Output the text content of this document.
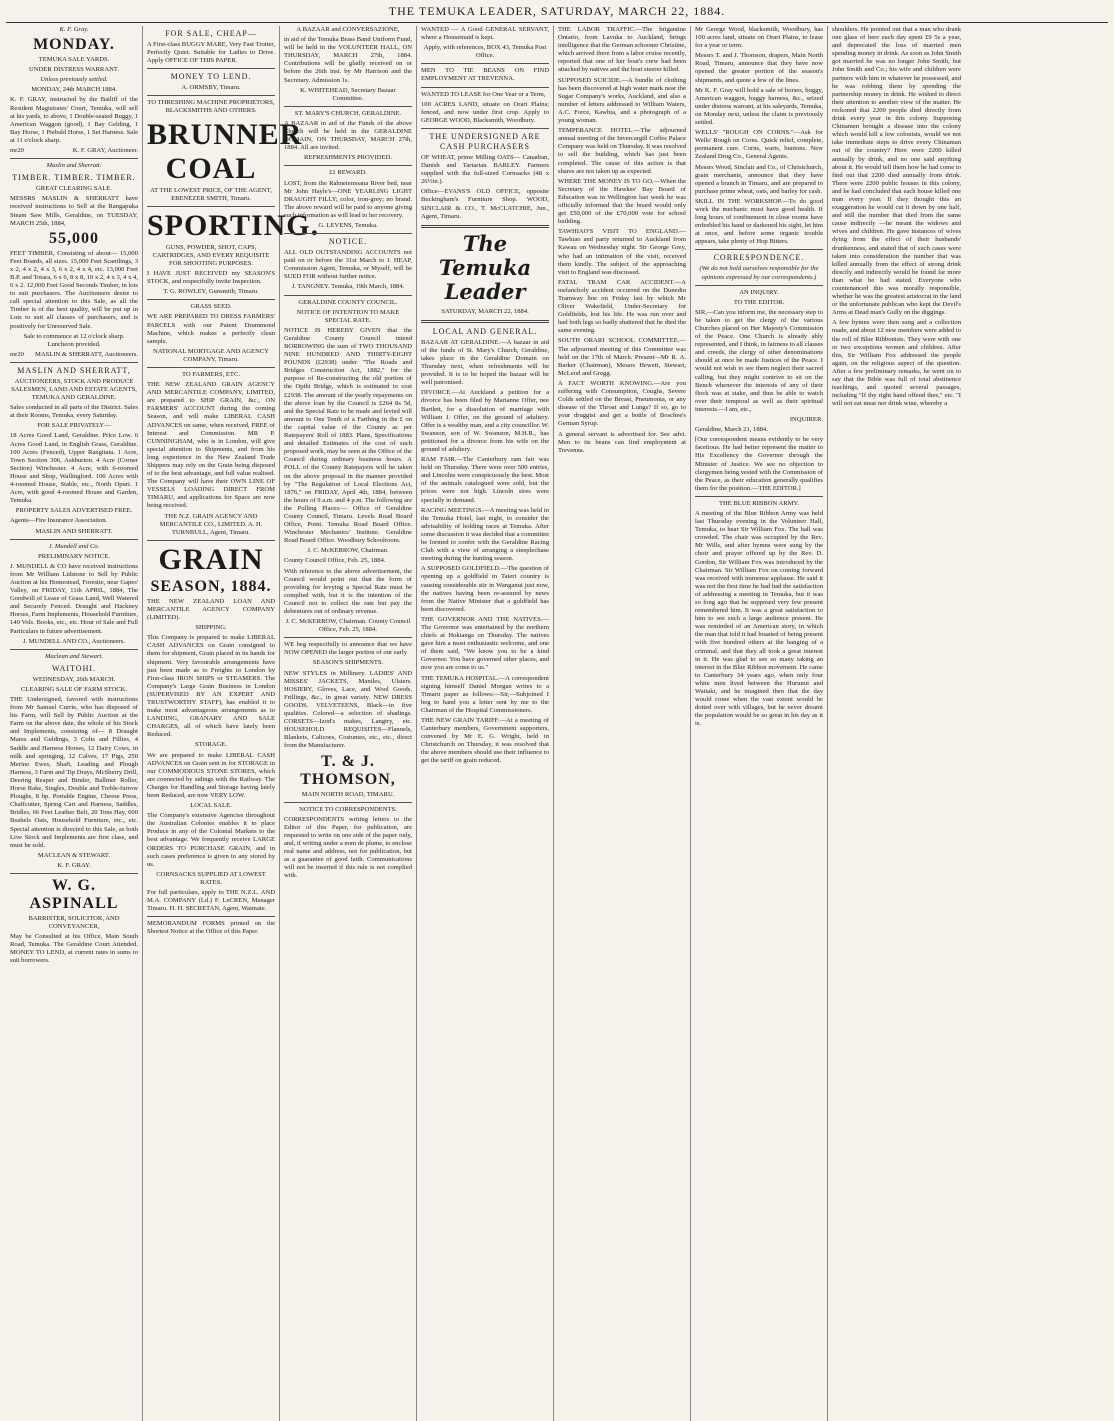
THE TEMUKA LEADER, SATURDAY, MARCH 22, 1884.

K. F. Gray.

MONDAY.

TEMUKA SALE YARDS.

UNDER DISTRESS WARRANT.

Unless previously settled.

MONDAY, 24th MARCH 1884.

K. F. GRAY, instructed by the Bailiff of the Resident Magistrates' Court, Temuka, will sell at his yards, to above, 1 Double-seated Buggy, 1 American Waggon (good), 1 Bay Gelding, 1 Bay Horse, 1 Piebald Horse, 1 Set Harness. Sale at 11 o'clock sharp.

mr20	K. F. GRAY, Auctioneer.

Maslin and Sherratt.

TIMBER. TIMBER. TIMBER.

GREAT CLEARING SALE.

MESSRS MASLIN & SHERRATT have received instructions to Sell at the Rangapuka Steam Saw Mills, Geraldine, on TUESDAY, MARCH 25th, 1884,

55,000

FEET TIMBER, Consisting of about— 15,000 Feet Boards, all sizes. 15,000 Feet Scantlings, 3 x 2, 4 x 2, 4 x 3, 6 x 2, 4 x 4, etc. 13,000 Feet B.P. and Totara, 6 x 6, 8 x 8, 10 x 2, 4 x 3, 4 x 4, 6 x 2. 12,000 Feet Good Seconds Timber, in lots to suit purchasers. The Auctioneers desire to call special attention to this Sale, as all the Timber is of the best quality, will be put up in Lots to suit all classes of purchasers, and is positively for Unreserved Sale.

Sale to commence at 12 o'clock sharp. Luncheon provided.

mr20 MASLIN & SHERRATT, Auctioneers.

MASLIN AND SHERRATT,

AUCTIONEERS, STOCK AND PRODUCE SALESMEN, LAND AND ESTATE AGENTS, TEMUKA AND GERALDINE.

Sales conducted in all parts of the District. Sales at their Rooms, Temuka, every Saturday.

FOR SALE PRIVATELY—

18 Acres Good Land, Geraldine. Price Low. 6 Acres Good Land, in English Grass, Geraldine. 100 Acres (Fenced), Upper Rangitata. 1 Acre, Town Section 306, Ashburton. 4 Acre (Corner Section) Winchester. 4 Acre, with 6-roomed House and Shop, Wallingford. 100 Acres with 4-roomed House, Stable, etc., North Opuri. 1 Acre, with good 4-roomed House and Garden, Temuka.

PROPERTY SALES ADVERTISED FREE.

Agents—Fire Insurance Association.

MASLIN AND SHERRATT.

J. Mundell and Co.

PRELIMINARY NOTICE.

J. MUNDELL & CO have received instructions from Mr William Lidstone to Sell by Public Auction at his Homestead, Forestie, near Gapes' Valley, on FRIDAY, 11th APRIL, 1884, The Goodwill of Lease of Grass Land, Well Watered and Securely Fenced. Draught and Hackney Horses, Farm Implements, Household Furniture, 140 Vols. Books, etc., etc. Hour of Sale and Full Particulars in future advertisement.

J. MUNDELL AND CO., Auctioneers.

Maclean and Stewart.

WAITOHI.

WEDNESDAY, 26th MARCH.

CLEARING SALE OF FARM STOCK.

THE Undersigned, favored with instructions from Mr Samuel Currie, who has disposed of his Farm, will Sell by Public Auction at the Farm on the above date, the whole of his Stock and Implements, consisting of— 8 Draught Mares and Geldings, 3 Colts and Fillies, 4 Saddle and Harness Horses, 12 Dairy Cows, in milk and springing, 12 Calves, 17 Pigs, 250 Merino Ewes, Shaft, Leading and Plough Harness, 3 Farm and Tip Drays, McSherry Drill, Deering Reaper and Binder, Ballmer Roller, Horse Rake, Singles, Double and Treble-furrow Ploughs, 8 hp. Portable Engine, Cheese Press, Chaffcutter, Spring Cart and Harness, Saddles, Bridles, 66 Feet Leather Belt, 20 Tons Hay, 600 Bushels Oats, Household Furniture, etc., etc. Special attention is directed to this Sale, as both Live Stock and Implements are first class, and must be sold.

MACLEAN & STEWART.

K. F. GRAY.

W. G. ASPINALL

BARRISTER, SOLICITOR, AND CONVEYANCER,

May be Consulted at his Office, Main South Road, Temuka. The Geraldine Court Attended. MONEY TO LEND, at current rates in sums to suit borrowers.

FOR SALE, CHEAP—

A First-class BUGGY MARE, Very Fast Trotter, Perfectly Quiet. Suitable for Ladies to Drive. Apply OFFICE OF THIS PAPER.

MONEY TO LEND.

A. ORMSBY, Timaru.

TO THRESHING MACHINE PROPRIETORS, BLACKSMITHS AND OTHERS.

BRUNNER
COAL

AT THE LOWEST PRICE, OF THE AGENT, EBENEZER SMITH, Timaru.

SPORTING.

GUNS, POWDER, SHOT, CAPS, CARTRIDGES, AND EVERY REQUISITE FOR SHOOTING PURPOSES.

I HAVE JUST RECEIVED my SEASON'S STOCK, and respectfully invite Inspection.

T. G. ROWLEY, Gunsmith, Timaru.

GRASS SEED.

WE ARE PREPARED TO DRESS FARMERS' PARCELS with our Patent Drummond Machine, which makes a perfectly clean sample.

NATIONAL MORTGAGE AND AGENCY COMPANY, Timaru.

TO FARMERS, ETC.

THE NEW ZEALAND GRAIN AGENCY AND MERCANTILE COMPANY, LIMITED, are prepared to SHIP GRAIN, &c., ON FARMERS' ACCOUNT during the coming Season, and will make LIBERAL CASH ADVANCES on same, when received, FREE of Interest and Commission. MR P. CUNNINGHAM, who is in London, will give special attention to Shipments, and from his long experience in the New Zealand Trade Shippers may rely on the Grain being disposed of to the best advantage, and full value realised. The Company will have their OWN LINE OF VESSELS LOADING DIRECT FROM TIMARU, and applications for Space are now being received.

THE N.Z. GRAIN AGENCY AND MERCANTILE CO., LIMITED. A. H. TURNBULL, Agent, Timaru.

GRAIN
SEASON, 1884.

THE NEW ZEALAND LOAN AND MERCANTILE AGENCY COMPANY (LIMITED).

SHIPPING.

This Company is prepared to make LIBERAL CASH ADVANCES on Grain consigned to them for shipment, Grain placed in its hands for shipment. Very favourable arrangements have just been made as to Freights to London by First-class IRON SHIPS or STEAMERS. The Company's Large Grain Business in London (SUPERVISED BY AN EXPERT AND TRUSTWORTHY STAFF), has enabled it to make most advantageous arrangements as to LANDING, GRANARY AND SALE CHARGES, all of which have lately been Reduced.

STORAGE.

We are prepared to make LIBERAL CASH ADVANCES on Grain sent in for STORAGE in our COMMODIOUS STONE STORES, which are connected by sidings with the Railway. The Charges for Handling and Storage having lately been Reduced, are now VERY LOW.

LOCAL SALE.

The Company's extensive Agencies throughout the Australian Colonies enables it to place Produce in any of the Colonial Markets to the best advantage. We frequently receive LARGE ORDERS TO PURCHASE GRAIN, and in such cases preference is given to any stored by us.

CORNSACKS SUPPLIED AT LOWEST RATES.

For full particulars, apply to THE N.Z.L. AND M.A. COMPANY (Ld.) F. LeCREN, Manager Timaru. H. H. SECRETAN, Agent, Waimate.

MEMORANDUM FORMS printed on the Shortest Notice at the Office of this Paper.

A BAZAAR and CONVERSAZIONE,

in aid of the Temuka Brass Band Uniform Fund, will be held in the VOLUNTEER HALL, ON THURSDAY, MARCH 27th, 1884. Contributions will be gladly received on or before the 26th inst. by Mr Harrison and the Secretary. Admission 1s.

K. WHITEHEAD, Secretary Bazaar Committee.

ST. MARY'S CHURCH, GERALDINE.

A BAZAAR in aid of the Funds of the above Church will be held in the GERALDINE DOMAIN, ON THURSDAY, MARCH 27th, 1884. All are invited.

REFRESHMENTS PROVIDED.

£1 REWARD.

LOST, from the Rahnetemoana River bed, near Mr John Hayle's—ONE YEARLING LIGHT DRAUGHT FILLY; color, iron-grey; no brand. The above reward will be paid to anyone giving such information as will lead to her recovery.

G. LEVENS, Temuka.

NOTICE.

ALL OLD OUTSTANDING ACCOUNTS not paid on or before the 31st March to J. HEAP, Commission Agent, Temuka, or Myself, will be SUED FOR without further notice.

J. TANGNEY. Temuka, 19th March, 1884.

GERALDINE COUNTY COUNCIL.

NOTICE OF INTENTION TO MAKE SPECIAL RATE.

NOTICE IS HEREBY GIVEN that the Geraldine County Council intend BORROWING the sum of TWO THOUSAND NINE HUNDRED AND THIRTY-EIGHT POUNDS (£2938) under "The Roads and Bridges Construction Act, 1882," for the purpose of Re-constructing the old portion of the Opihi Bridge, which is estimated to cost £2938. The amount of the yearly repayments on the above loan by the Council is £264 8s 5d, and the Special Rate to be made and levied will amount to One Tenth of a Farthing in the £ on the capital value of the County as per Ratepayers' Roll of 1883. Plans, Specifications and detailed Estimates of the cost of such proposed work, may be seen at the Office of the Council during ordinary business hours. A POLL of the County Ratepayers will be taken on the above proposal in the manner provided by "The Regulation of Local Elections Act, 1876," on FRIDAY, April 4th, 1884, between the hours of 9 a.m. and 4 p.m. The following are the Polling Places:— Office of Geraldine County Council, Timaru. Levels Road Board Office, Point. Temuka Road Board Office. Winchester Mechanics' Institute. Geraldine Road Board Office. Woodbury Schoolroom.

J. C. McKERROW, Chairman.

County Council Office, Feb. 25, 1884.

With reference to the above advertisement, the Council would point out that the form of providing for levying a Special Rate must be complied with, but it is the intention of the Council not to collect the rate but pay the debentures out of ordinary revenue.

J. C. McKERROW, Chairman. County Council Office, Feb. 25, 1884.

WE beg respectfully to announce that we have NOW OPENED the larger portion of our early

SEASON'S SHIPMENTS.

NEW STYLES in Millinery. LADIES' AND MISSES' JACKETS, Mantles, Ulsters. HOSIERY, Gloves, Lace, and Wool Goods, Frillings, &c., in great variety. NEW DRESS GOODS. VELVETEENS, Black—in five qualities. Colored—a selection of shadings. CORSETS—Izod's makes, Langtry, etc. HOUSEHOLD REQUISITES—Flannels, Blankets, Calicoes, Costumes, etc., etc., direct from the Manufacturer.

T. & J. THOMSON,

MAIN NORTH ROAD, TIMARU.

NOTICE TO CORRESPONDENTS.

CORRESPONDENTS writing letters to the Editor of this Paper, for publication, are requested to write on one side of the paper only, and, if writing under a nom de plume, to enclose real name and address, not for publication, but as a guarantee of good faith. Communications will not be inserted if this rule is not complied with.

WANTED — A Good GENERAL SERVANT, where a Housemaid is kept.

Apply, with references, BOX 43, Temuka Post Office.

MEN TO TIE BEANS ON FIND EMPLOYMENT AT TREVENNA.

WANTED TO LEASE for One Year or a Term,

100 ACRES LAND, situate on Orari Plains; fenced, and now under first crop. Apply to GEORGE WOOD, Blacksmith, Woodbury.

THE UNDERSIGNED ARE CASH PURCHASERS

OF WHEAT, prime Milling OATS— Canadian, Danish and Tartarian BARLEY. Farmers supplied with the full-sized Cornsacks (48 x 26½in.).

Office—EVANS'S OLD OFFICE, opposite Buckingham's Furniture Shop. WOOD, SINCLAIR & CO., T. McCLATCHIE, Jun., Agent, Timaru.

The Temuka Leader

SATURDAY, MARCH 22, 1884.

LOCAL AND GENERAL.

BAZAAR AT GERALDINE.—A bazaar in aid of the funds of St. Mary's Church, Geraldine, takes place in the Geraldine Domain on Thursday next, when refreshments will be provided. It is to be hoped the bazaar will be well patronised.

DIVORCE.—At Auckland a petition for a divorce has been filed by Marianne Offer, nee Bartlett, for a dissolution of marriage with William J. Offer, on the ground of adultery. Offer is a wealthy man, and a city councillor. W. Swanson, son of W. Swanson, M.H.R., has petitioned for a divorce from his wife on the ground of adultery.

RAM FAIR.—The Canterbury ram fair was held on Thursday. There were over 500 entries, and Lincolns were conspicuously the best. Most of the animals catalogued were sold, but the prices were not high. Lincoln sires were specially in demand.

RACING MEETINGS.—A meeting was held in the Temuka Hotel, last night, to consider the advisability of holding races at Temuka. After some discussion it was decided that a committee be formed to confer with the Geraldine Racing Club with a view of arranging a steeplechase meeting during the hunting season.

A SUPPOSED GOLDFIELD.—The question of opening up a goldfield in Taieri country is causing considerable stir in Wanganui just now, the natives having been re-assured by news from the Native Minister that a goldfield has been discovered.

THE GOVERNOR AND THE NATIVES.—The Governor was entertained by the northern chiefs at Hokianga on Thursday. The natives gave him a most enthusiastic welcome, and one of them said, "We know you to be a kind Governor. You have governed other places, and now you are come to us."

THE TEMUKA HOSPITAL.—A correspondent signing himself Daniel Morgan writes to a Timaru paper as follows:—Sir,—Subjoined I beg to hand you a letter sent by me to the Chairman of the Hospital Commissioners.

THE NEW GRAIN TARIFF.—At a meeting of Canterbury members, Government supporters, convened by Mr E. G. Wright, held in Christchurch on Thursday, it was resolved that the above members should use their influence to get the tariff on grain reduced.

THE LABOR TRAFFIC.—The brigantine Ontario, from Lavuka to Auckland, brings intelligence that the German schooner Christine, which arrived there from a labor cruise recently, reported that one of her boat's crew had been attacked by natives and the boat steerer killed.

SUPPOSED SUICIDE.—A bundle of clothing has been discovered at high water mark near the Sugar Company's works, Auckland, and also a number of letters addressed to William Waters, A.C. Force, Kawhia, and a photograph of a young woman.

TEMPERANCE HOTEL.—The adjourned annual meeting of the Invercargill Coffee Palace Company was held on Thursday. It was resolved to sell the building, which has just been completed. The cause of this action is that shares are not taken up as expected.

WHERE THE MONEY IS TO GO.—When the Secretary of the Hawkes' Bay Board of Education was in Wellington last week he was officially informed that the board would only get £50,000 of the £70,000 vote for school building.

TAWHIAO'S VISIT TO ENGLAND.—Tawhiao and party returned to Auckland from Kawau on Wednesday night. Sir George Grey, who had an intimation of the visit, received them kindly. The subject of the approaching visit to England was discussed.

FATAL TRAM CAR ACCIDENT.—A melancholy accident occurred on the Dunedin Tramway line on Friday last by which Mr Oliver Wakefield, Under-Secretary for Goldfields, lost his life. He was run over and had both legs so badly shattered that he died the same evening.

SOUTH ORARI SCHOOL COMMITTEE.—The adjourned meeting of this Committee was held on the 17th of March. Present—Mr R. A. Barker (Chairman), Messrs Hewett, Stewart, McLeod and Gregg.

A FACT WORTH KNOWING.—Are you suffering with Consumption, Coughs, Severe Colds settled on the Breast, Pneumonia, or any disease of the Throat and Lungs? If so, go to your druggist and get a bottle of Boschee's German Syrup.

A general servant is advertised for. See advt. Men to tie beans can find employment at Trevenna.

Mr George Wood, blacksmith, Woodbury, has 100 acres land, situate on Orari Plains, to lease for a year or term.

Messrs T. and J. Thomson, drapers, Main North Road, Timaru, announce that they have now opened the greater portion of the season's shipments, and quote a few of the lines.

Mr K. F. Gray will hold a sale of horses, buggy, American waggon, buggy harness, &c., seized under distress warrant, at his saleyards, Temuka, on Monday next, unless the claim is previously settled.

WELLS' "ROUGH ON CORNS."—Ask for Wells' Rough on Corns. Quick relief, complete, permanent cure. Corns, warts, bunions. New Zealand Drug Co., General Agents.

Messrs Wood, Sinclair and Co., of Christchurch, grain merchants, announce that they have opened a branch in Timaru, and are prepared to purchase prime wheat, oats, and barley for cash.

SKILL IN THE WORKSHOP.—To do good work the mechanic must have good health. If long hours of confinement in close rooms have enfeebled his hand or darkened his sight, let him at once, and before some organic trouble appears, take plenty of Hop Bitters.

CORRESPONDENCE.

(We do not hold ourselves responsible for the opinions expressed by our correspondents.)

AN INQUIRY.

TO THE EDITOR.

SIR,—Can you inform me, the necessary step to be taken to get the clergy of the various Churches placed on Her Majesty's Commission of the Peace. One Church is already ably represented, and I think, in fairness to all classes and creeds, the clergy of other denominations should at once be made Justices of the Peace. I would not wish to see them neglect their sacred calling, but they might contrive to sit on the Bench whenever the interests of any of their flock was at stake, and thus be able to watch over their temporal as well as their spiritual interests.—I am, etc.,

INQUIRER.

Geraldine, March 21, 1884.

[Our correspondent means evidently to be very facetious. He had better represent the matter to His Excellency the Governor through the Minister of Justice. We see no objection to clergymen being vested with the Commission of the Peace, as their education generally qualifies them for the position.—THE EDITOR.]

THE BLUE RIBBON ARMY.

A meeting of the Blue Ribbon Army was held last Thursday evening in the Volunteer Hall, Temuka, to hear Sir William Fox. The hall was crowded. The chair was occupied by the Rev. Mr Wills, and after hymns were sung by the choir and prayer offered up by the Rev. D. Gordon, Sir William Fox was introduced by the Chairman. Sir William Fox on coming forward was received with immense applause. He said it was not the first time he had had the satisfaction of addressing a meeting in Temuka, but it was so long ago that he supposed very few present remembered him. It was a great satisfaction to him to see such a large audience present. He was reminded of an American story, in which the man that told it had boasted of being present with five hundred others at the hanging of a criminal, and that they all took a great interest in it. He was glad to see so many taking an interest in the Blue Ribbon movement. He came to Canterbury 34 years ago, when only four white men lived between the Hurunui and Waitaki, and he imagined then that the day would come when the vast extent would be dotted over with villages, but he never dreamt the population would be so great in his day as it is.

shoulders. He pointed out that a man who drank one glass of beer each day spent £9 5s a year, and deprecated the loss of married men spending money in drink. As soon as John Smith got married he was no longer John Smith, but John Smith and Co.; his wife and children were partners with him in whatever he possessed, and he was robbing them by spending the partnership money in drink. He wished to direct their attention to another view of the matter. He reckoned that 2200 people died directly from drink every year in this colony. Supposing Chinamen brought a disease into the colony which would kill a few colonists, would we not take immediate steps to drive every Chinaman out of the country? Here were 2200 killed annually by drink, and no one said anything about it. He would tell them how he had come to find out that 2200 died annually from drink. There were 2200 public houses in this colony, and he had concluded that each house killed one man every year. If they thought this an exaggeration he would cut it down by one half, and still the number that died from the same cause indirectly —he meant the widows and wives and children. He gave instances of wives dying from the effect of their husbands' drunkenness, and stated that of such cases were taken into consideration the number that was killed annually from the effect of strong drink directly and indirectly would be found far more than what he had stated. Everyone who countenanced this was morally responsible, whether he was the greatest aristocrat in the land or the unfortunate publican who kept the Devil's Arms at Dead man's Gully on the diggings.

A few hymns were then sung and a collection made, and about 12 new members were added to the roll of Blue Ribbonists. They were with one or two exceptions women and children. After this, Sir William Fox addressed the people again, on the religious aspect of the question. After a few preliminary remarks, he went on to say that the Bible was full of total abstinence teachings, and quoted several passages, including "If thy right hand offend thee," etc. "I will not eat meat nor drink wine, whereby a
